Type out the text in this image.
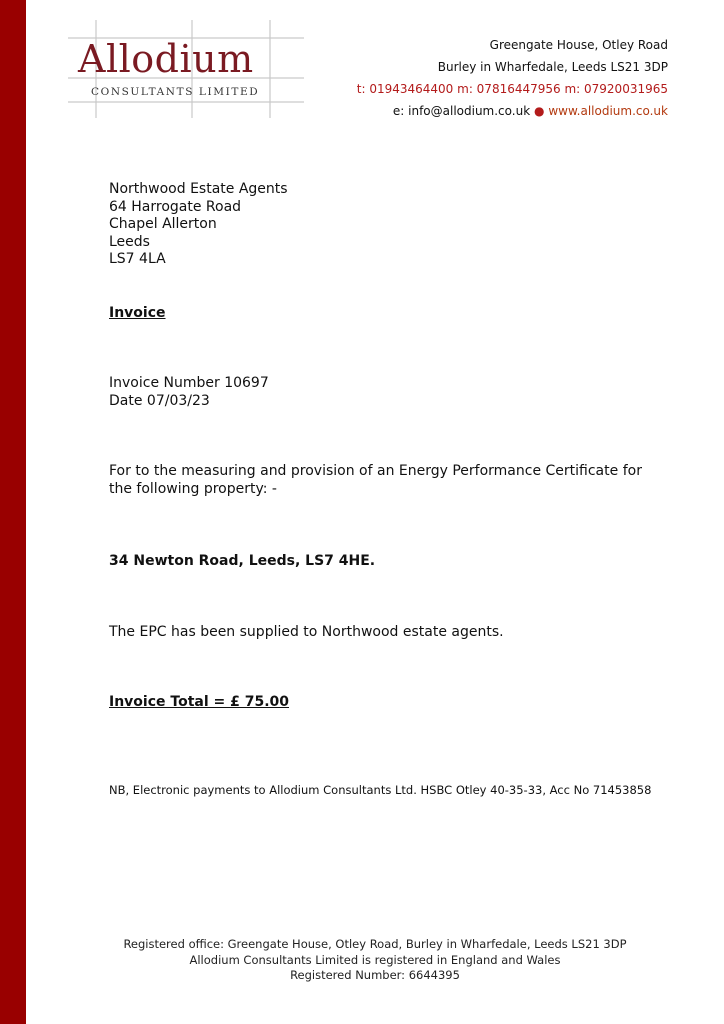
Allodium
CONSULTANTS LIMITED
Greengate House, Otley Road
Burley in Wharfedale, Leeds LS21 3DP
t: 01943464400 m: 07816447956 m: 07920031965
e: info@allodium.co.uk ● www.allodium.co.uk
Northwood Estate Agents
64 Harrogate Road
Chapel Allerton
Leeds
LS7 4LA
Invoice
Invoice Number 10697
Date 07/03/23
For to the measuring and provision of an Energy Performance Certificate for the following property: -
34 Newton Road, Leeds, LS7 4HE.
The EPC has been supplied to Northwood estate agents.
Invoice Total = £ 75.00
NB, Electronic payments to Allodium Consultants Ltd. HSBC Otley 40-35-33, Acc No 71453858
Registered office: Greengate House, Otley Road, Burley in Wharfedale, Leeds LS21 3DP
Allodium Consultants Limited is registered in England and Wales
Registered Number: 6644395
